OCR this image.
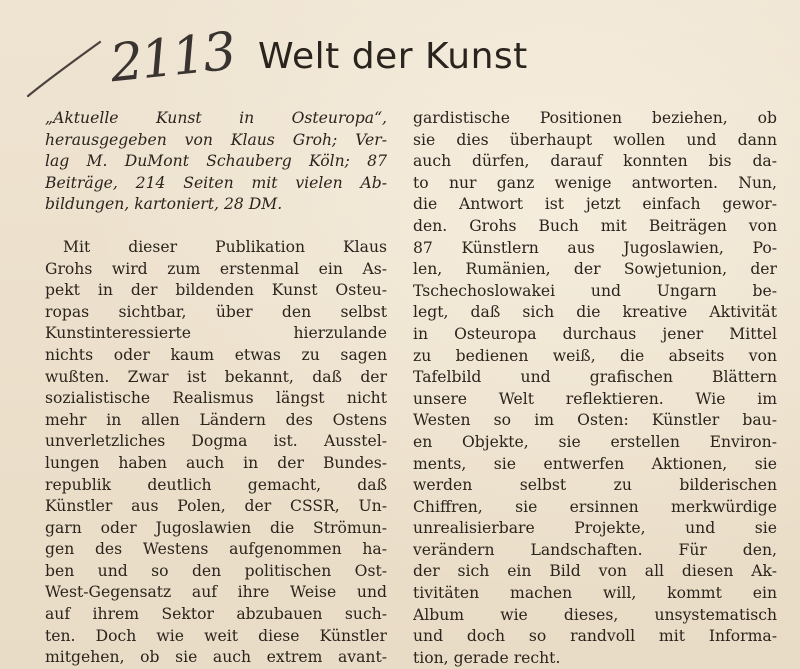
2113 Welt der Kunst
„Aktuelle Kunst in Osteuropa“,
herausgegeben von Klaus Groh; Ver-
lag M. DuMont Schauberg Köln; 87
Beiträge, 214 Seiten mit vielen Ab-
bildungen, kartoniert, 28 DM.
Mit dieser Publikation Klaus
Grohs wird zum erstenmal ein As-
pekt in der bildenden Kunst Osteu-
ropas sichtbar, über den selbst
Kunstinteressierte hierzulande
nichts oder kaum etwas zu sagen
wußten. Zwar ist bekannt, daß der
sozialistische Realismus längst nicht
mehr in allen Ländern des Ostens
unverletzliches Dogma ist. Ausstel-
lungen haben auch in der Bundes-
republik deutlich gemacht, daß
Künstler aus Polen, der CSSR, Un-
garn oder Jugoslawien die Strömun-
gen des Westens aufgenommen ha-
ben und so den politischen Ost-
West-Gegensatz auf ihre Weise und
auf ihrem Sektor abzubauen such-
ten. Doch wie weit diese Künstler
mitgehen, ob sie auch extrem avant-
gardistische Positionen beziehen, ob
sie dies überhaupt wollen und dann
auch dürfen, darauf konnten bis da-
to nur ganz wenige antworten. Nun,
die Antwort ist jetzt einfach gewor-
den. Grohs Buch mit Beiträgen von
87 Künstlern aus Jugoslawien, Po-
len, Rumänien, der Sowjetunion, der
Tschechoslowakei und Ungarn be-
legt, daß sich die kreative Aktivität
in Osteuropa durchaus jener Mittel
zu bedienen weiß, die abseits von
Tafelbild und grafischen Blättern
unsere Welt reflektieren. Wie im
Westen so im Osten: Künstler bau-
en Objekte, sie erstellen Environ-
ments, sie entwerfen Aktionen, sie
werden selbst zu bilderischen
Chiffren, sie ersinnen merkwürdige
unrealisierbare Projekte, und sie
verändern Landschaften. Für den,
der sich ein Bild von all diesen Ak-
tivitäten machen will, kommt ein
Album wie dieses, unsystematisch
und doch so randvoll mit Informa-
tion, gerade recht.
